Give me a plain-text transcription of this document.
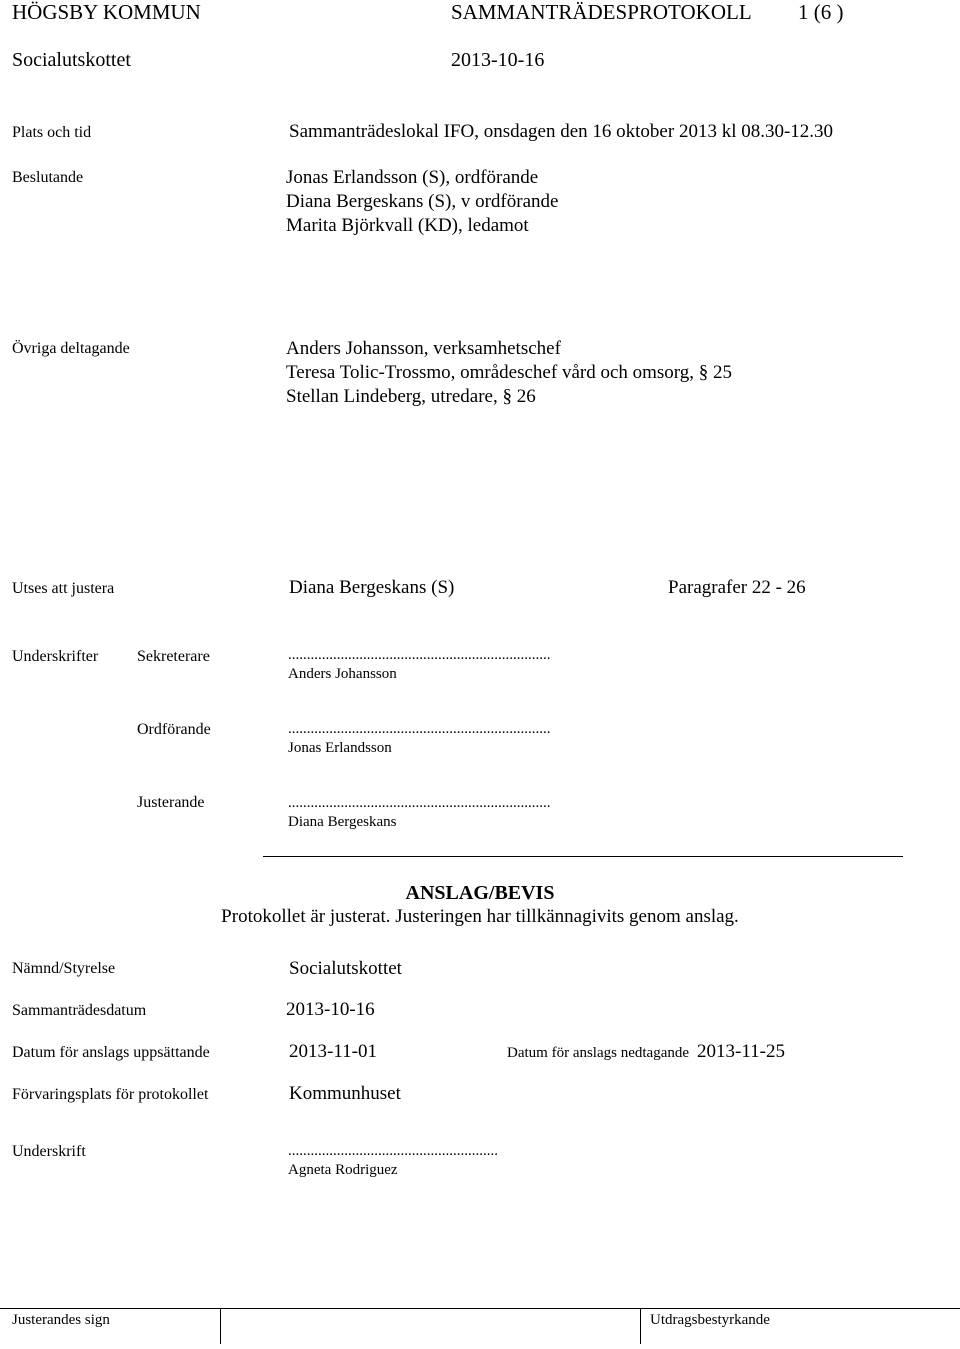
HÖGSBY KOMMUN	SAMMANTRÄDESPROTOKOLL 1 (6 )
Socialutskottet	2013-10-16
Plats och tid	Sammanträdeslokal IFO, onsdagen den 16 oktober 2013 kl 08.30-12.30
Beslutande	Jonas Erlandsson (S), ordförande
Diana Bergeskans (S), v ordförande
Marita Björkvall (KD), ledamot
Övriga deltagande	Anders Johansson, verksamhetschef
Teresa Tolic-Trossmo, områdeschef vård och omsorg, § 25
Stellan Lindeberg, utredare, § 26
Utses att justera	Diana Bergeskans (S)	Paragrafer 22 - 26
Underskrifter Sekreterare	......................................................................
Anders Johansson
Ordförande	......................................................................
Jonas Erlandsson
Justerande	......................................................................
Diana Bergeskans
ANSLAG/BEVIS
Protokollet är justerat. Justeringen har tillkännagivits genom anslag.
Nämnd/Styrelse	Socialutskottet
Sammanträdesdatum	2013-10-16
Datum för anslags uppsättande	2013-11-01	Datum för anslags nedtagande 2013-11-25
Förvaringsplats för protokollet	Kommunhuset
Underskrift	........................................................
Agneta Rodriguez
Justerandes sign	Utdragsbestyrkande
